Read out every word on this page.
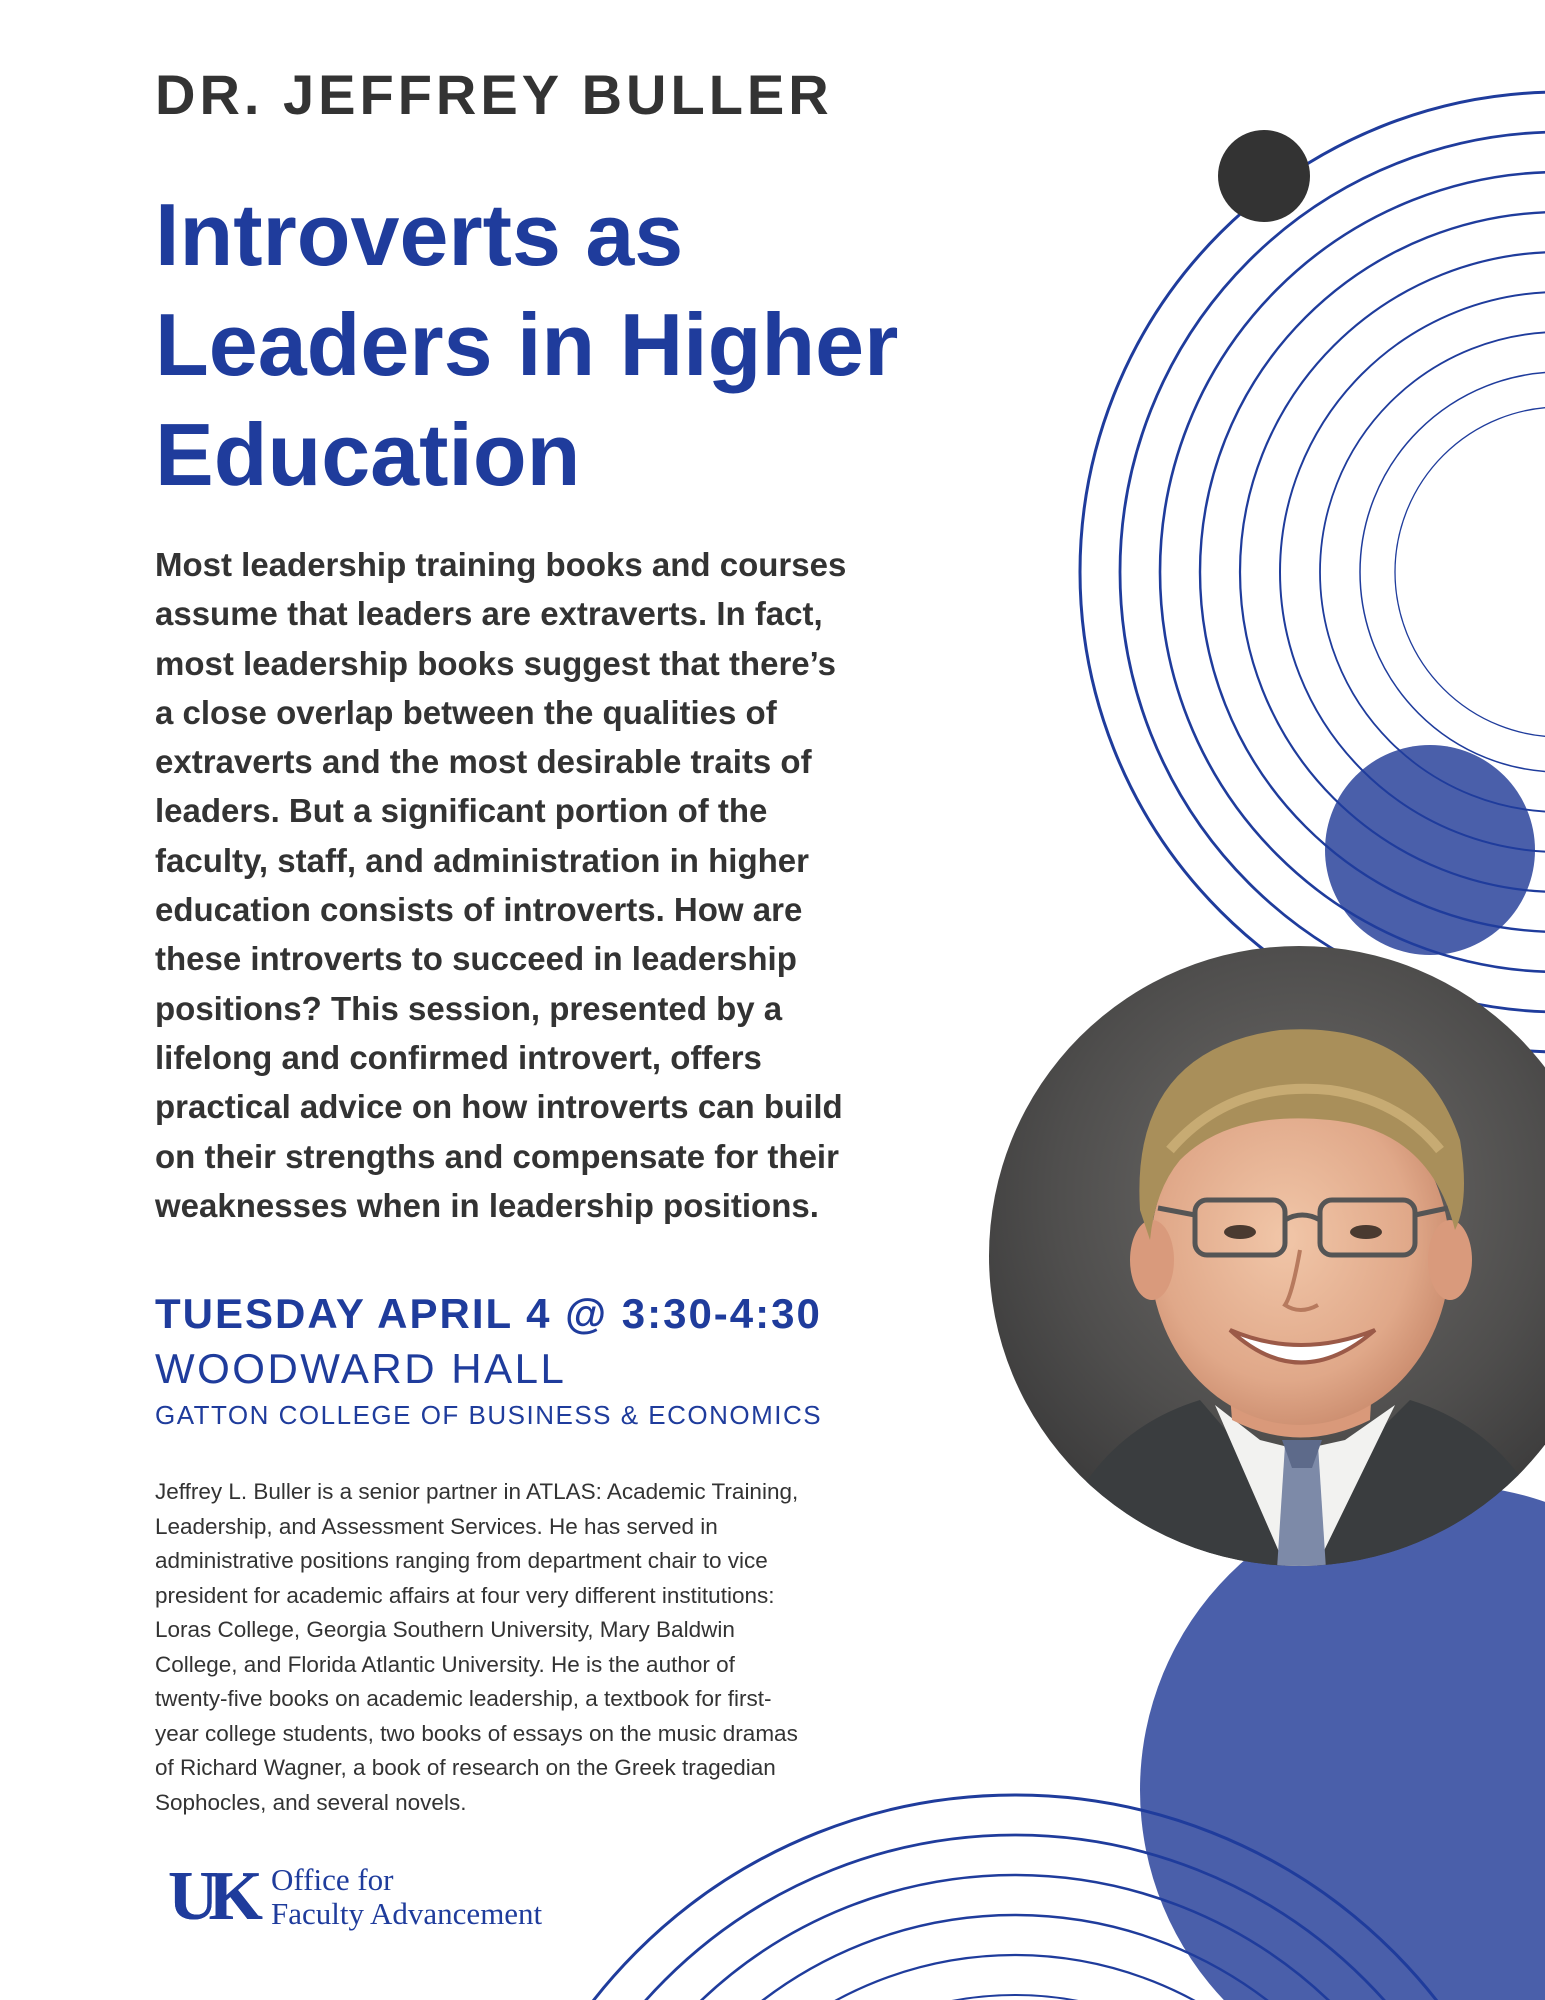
DR. JEFFREY BULLER
Introverts as
Leaders in Higher
Education
Most leadership training books and courses
assume that leaders are extraverts. In fact,
most leadership books suggest that there’s
a close overlap between the qualities of
extraverts and the most desirable traits of
leaders. But a significant portion of the
faculty, staff, and administration in higher
education consists of introverts. How are
these introverts to succeed in leadership
positions? This session, presented by a
lifelong and confirmed introvert, offers
practical advice on how introverts can build
on their strengths and compensate for their
weaknesses when in leadership positions.
TUESDAY APRIL 4 @ 3:30-4:30
WOODWARD HALL
GATTON COLLEGE OF BUSINESS & ECONOMICS
Jeffrey L. Buller is a senior partner in ATLAS: Academic Training,
Leadership, and Assessment Services. He has served in
administrative positions ranging from department chair to vice
president for academic affairs at four very different institutions:
Loras College, Georgia Southern University, Mary Baldwin
College, and Florida Atlantic University. He is the author of
twenty-five books on academic leadership, a textbook for first-
year college students, two books of essays on the music dramas
of Richard Wagner, a book of research on the Greek tragedian
Sophocles, and several novels.
UK Office for
Faculty Advancement
